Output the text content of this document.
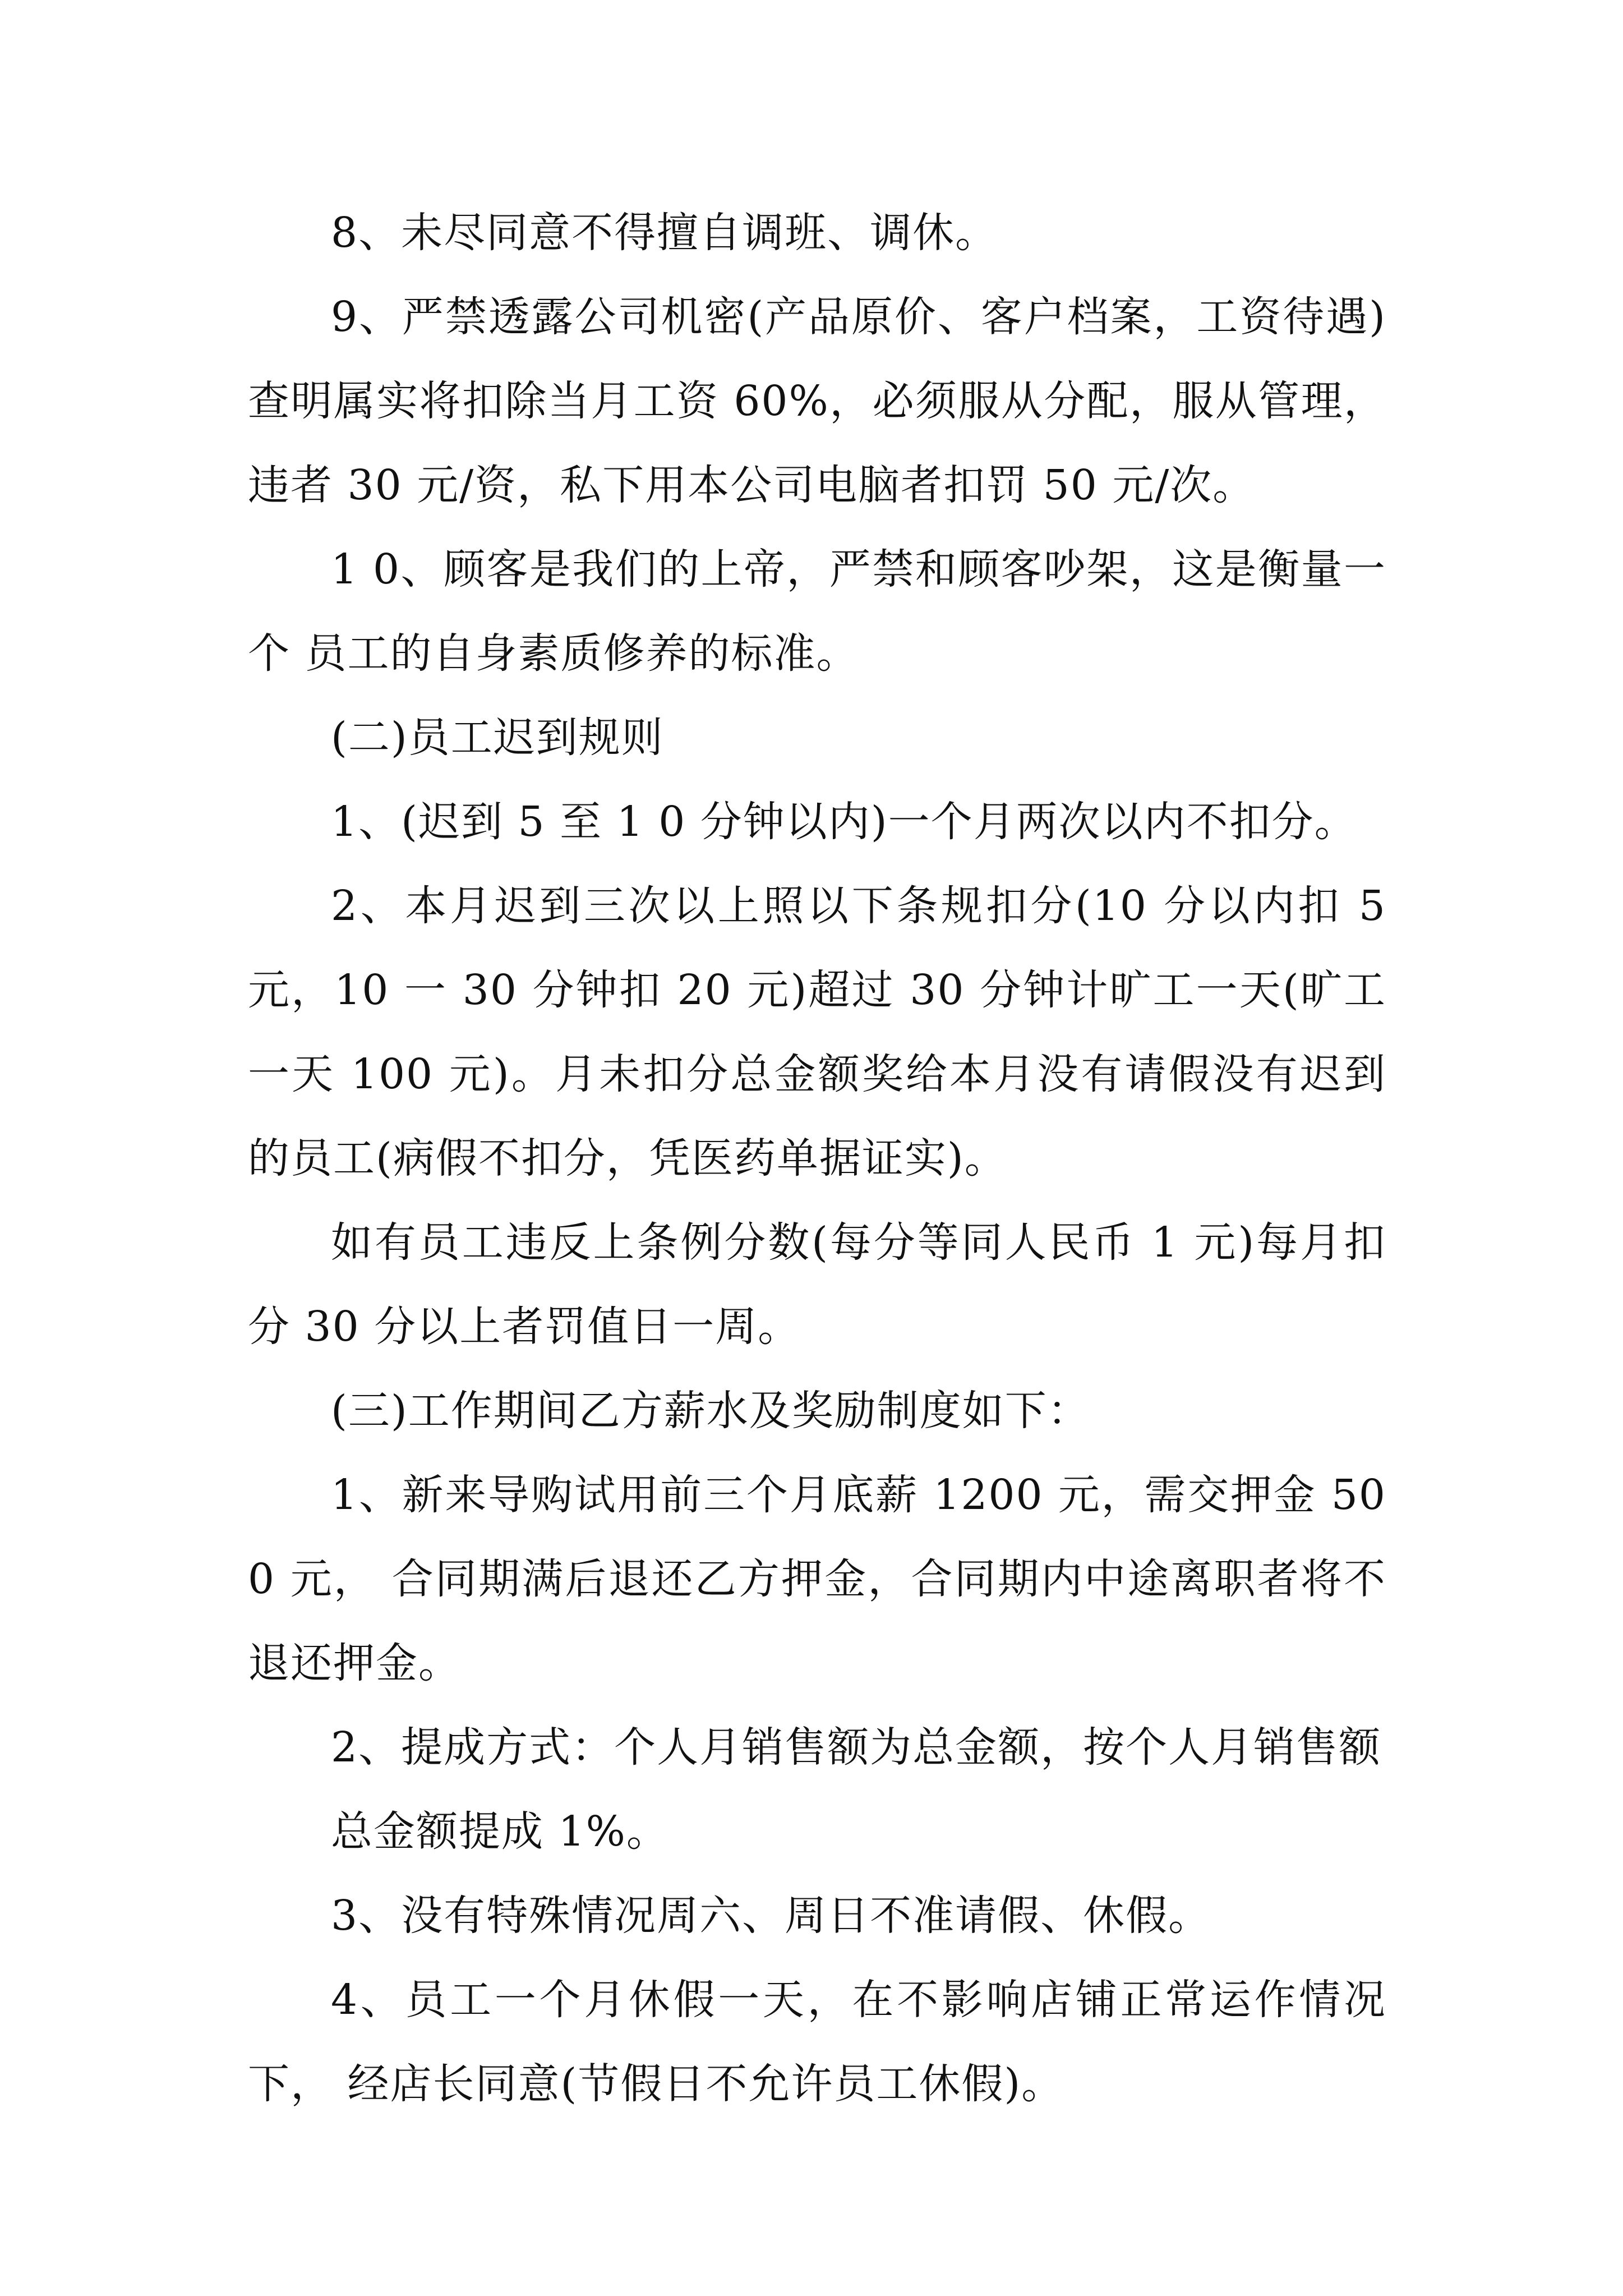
8、未尽同意不得擅自调班、调休。

9、严禁透露公司机密(产品原价、客户档案，工资待遇)查明属实将扣除当月工资 60%，必须服从分配，服从管理，违者 30 元/资，私下用本公司电脑者扣罚 50 元/次。

1 0、顾客是我们的上帝，严禁和顾客吵架，这是衡量一个 员工的自身素质修养的标准。

(二)员工迟到规则

1、(迟到 5 至 1 0 分钟以内)一个月两次以内不扣分。

2、本月迟到三次以上照以下条规扣分(10 分以内扣 5 元，10 一 30 分钟扣 20 元)超过 30 分钟计旷工一天(旷工一天 100 元)。月未扣分总金额奖给本月没有请假没有迟到的员工(病假不扣分，凭医药单据证实)。

如有员工违反上条例分数(每分等同人民币 1 元)每月扣分 30 分以上者罚值日一周。

(三)工作期间乙方薪水及奖励制度如下：

1、新来导购试用前三个月底薪 1200 元，需交押金 500 元， 合同期满后退还乙方押金，合同期内中途离职者将不退还押金。

2、提成方式：个人月销售额为总金额，按个人月销售额

总金额提成 1%。

3、没有特殊情况周六、周日不准请假、休假。

4、员工一个月休假一天，在不影响店铺正常运作情况下， 经店长同意(节假日不允许员工休假)。
